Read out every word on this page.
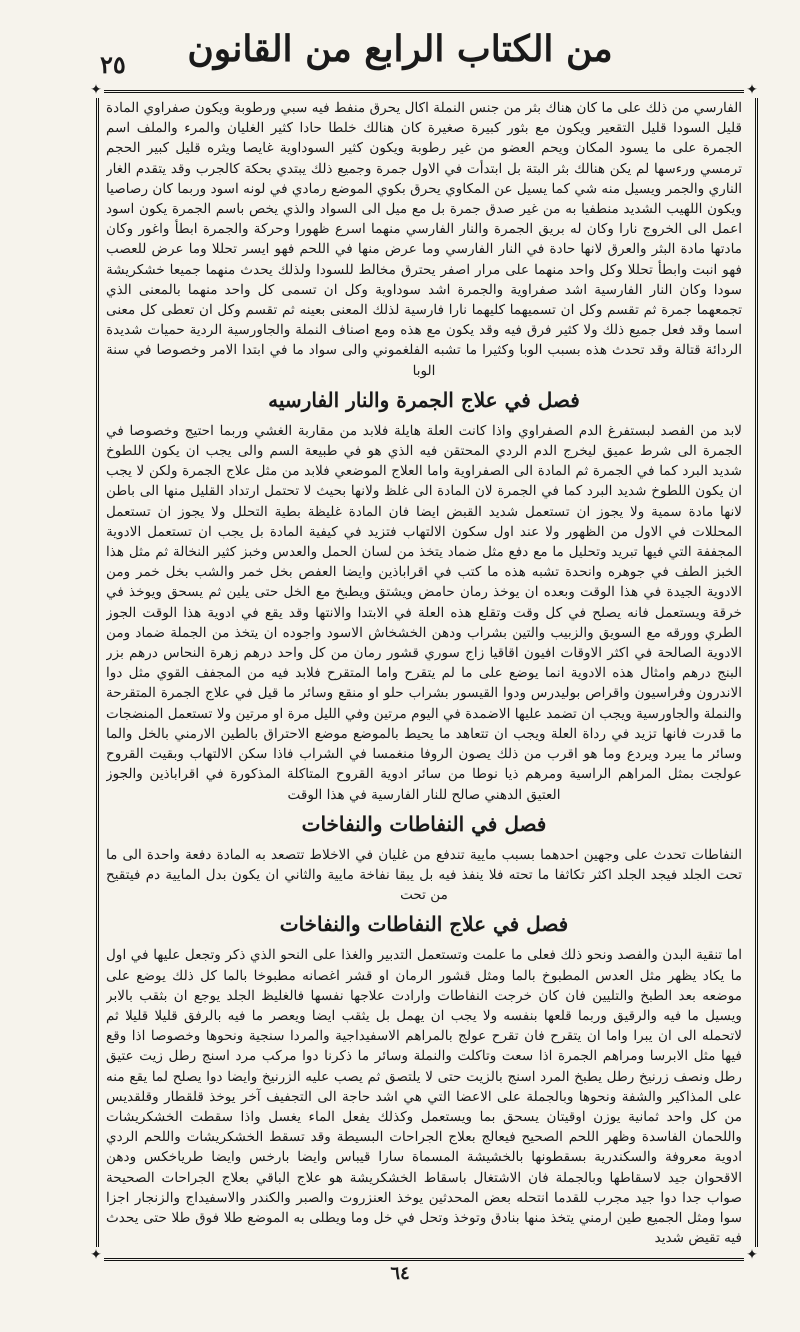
٢٥	من الكتاب الرابع من القانون
✦	✦
✦	✦

الفارسي من ذلك على ما كان هناك بثر من جنس النملة اكال يحرق منفط فيه سبي ورطوبة ويكون صفراوي المادة قليل السودا قليل التقعير ويكون مع بثور كبيرة صغيرة كان هنالك خلطا حادا كثير الغليان والمرء والملف اسم الجمرة على ما يسود المكان ويحم العضو من غير رطوبة ويكون كثير السوداوية غايصا ويثره قليل كبير الحجم ترمسي ورءسها لم يكن هنالك بثر البتة بل ابتدأت في الاول جمرة وجميع ذلك يبتدي بحكة كالجرب وقد يتقدم الغار الناري والجمر ويسيل منه شي كما يسيل عن المكاوي يحرق بكوي الموضع رمادي في لونه اسود وربما كان رصاصيا ويكون اللهيب الشديد منطفيا به من غير صدق جمرة بل مع ميل الى السواد والذي يخص باسم الجمرة يكون اسود اعمل الى الخروج نارا وكان له بريق الجمرة والنار الفارسي منهما اسرع ظهورا وحركة والجمرة ابطأ واغور وكان مادتها مادة البثر والعرق لانها حادة في النار الفارسي وما عرض منها في اللحم فهو ايسر تحللا وما عرض للعصب فهو انبت وابطأ تحللا وكل واحد منهما على مرار اصفر يحترق مخالط للسودا ولذلك يحدث منهما جميعا خشكريشة سودا وكان النار الفارسية اشد صفراوية والجمرة اشد سوداوية وكل ان تسمى كل واحد منهما بالمعنى الذي تجمعهما جمرة ثم تقسم وكل ان تسميهما كليهما نارا فارسية لذلك المعنى بعينه ثم تقسم وكل ان تعطى كل معنى اسما وقد فعل جميع ذلك ولا كثير فرق فيه وقد يكون مع هذه ومع اصناف النملة والجاورسية الردية حميات شديدة الردائة قتالة وقد تحدث هذه بسبب الوبا وكثيرا ما تشبه الفلغموني والى سواد ما في ابتدا الامر وخصوصا في سنة الوبا

فصل في علاج الجمرة والنار الفارسيه

لابد من الفصد لبستفرغ الدم الصفراوي واذا كانت العلة هايلة فلابد من مقاربة الغشي وربما احتيج وخصوصا في الجمرة الى شرط عميق ليخرج الدم الردي المحتقن فيه الذي هو في طبيعة السم والى يجب ان يكون اللطوخ شديد البرد كما في الجمرة ثم المادة الى الصفراوية واما العلاج الموضعي فلابد من مثل علاج الجمرة ولكن لا يجب ان يكون اللطوخ شديد البرد كما في الجمرة لان المادة الى غلظ ولانها بحيث لا تحتمل ارتداد القليل منها الى باطن لانها مادة سمية ولا يجوز ان تستعمل شديد القبض ايضا فان المادة غليظة بطية التحلل ولا يجوز ان تستعمل المحللات في الاول من الظهور ولا عند اول سكون الالتهاب فتزيد في كيفية المادة بل يجب ان تستعمل الادوية المجففة التي فيها تبريد وتحليل ما مع دفع مثل ضماد يتخذ من لسان الحمل والعدس وخبز كثير النخالة ثم مثل هذا الخبز الطف في جوهره وانحدة تشبه هذه ما كتب في اقراباذين وايضا العفص بخل خمر والشب بخل خمر ومن الادوية الجيدة في هذا الوقت وبعده ان يوخذ رمان حامض ويشتق ويطبخ مع الخل حتى يلين ثم يسحق ويوخذ في خرقة ويستعمل فانه يصلح في كل وقت وتقلع هذه العلة في الابتدا والانتها وقد يقع في ادوية هذا الوقت الجوز الطري وورقه مع السويق والزبيب والتين بشراب ودهن الخشخاش الاسود واجوده ان يتخذ من الجملة ضماد ومن الادوية الصالحة في اكثر الاوقات افيون اقاقيا زاج سوري قشور رمان من كل واحد درهم زهرة النحاس درهم بزر البنج درهم وامثال هذه الادوية انما يوضع على ما لم يتقرح واما المتقرح فلابد فيه من المجفف القوي مثل دوا الاندرون وفراسيون واقراص بوليدرس ودوا القيسور بشراب حلو او منقع وسائر ما قيل في علاج الجمرة المتقرحة والنملة والجاورسية ويجب ان تضمد عليها الاضمدة في اليوم مرتين وفي الليل مرة او مرتين ولا تستعمل المنضجات ما قدرت فانها تزيد في رداة العلة ويجب ان تتعاهد ما يحيط بالموضع موضع الاحتراق بالطين الارمني بالخل والما وسائر ما يبرد ويردع وما هو اقرب من ذلك يصون الروفا منغمسا في الشراب فاذا سكن الالتهاب وبقيت القروح عولجت بمثل المراهم الراسية ومرهم ذيا نوطا من سائر ادوية القروح المتاكلة المذكورة في اقراباذين والجوز العتيق الدهني صالح للنار الفارسية في هذا الوقت

فصل في النفاطات والنفاخات

النفاطات تحدث على وجهين احدهما بسبب مايية تندفع من غليان في الاخلاط تتصعد به المادة دفعة واحدة الى ما تحت الجلد فيجد الجلد اكثر تكاثفا ما تحته فلا ينفذ فيه بل يبقا نفاخة مايية والثاني ان يكون بدل المايية دم فيتقيح من تحت

فصل في علاج النفاطات والنفاخات

اما تنقية البدن والفصد ونحو ذلك فعلى ما علمت وتستعمل التدبير والغذا على النحو الذي ذكر وتجعل عليها في اول ما يكاد يظهر مثل العدس المطبوخ بالما ومثل قشور الرمان او قشر اغصانه مطبوخا بالما كل ذلك يوضع على موضعه بعد الطبخ والتليين فان كان خرجت النفاطات وارادت علاجها نفسها فالغليظ الجلد يوجع ان بثقب بالابر ويسيل ما فيه والرقيق وربما قلعها بنفسه ولا يجب ان يهمل بل يثقب ايضا ويعصر ما فيه بالرفق قليلا قليلا ثم لاتحمله الى ان يبرا واما ان يتقرح فان تقرح عولج بالمراهم الاسفيداجية والمردا سنجية ونحوها وخصوصا اذا وقع فيها مثل الابرسا ومراهم الجمرة اذا سعت وتاكلت والنملة وسائر ما ذكرنا دوا مركب مرد اسنج رطل زيت عتيق رطل ونصف زرنيخ رطل يطبخ المرد اسنج بالزيت حتى لا يلتصق ثم يصب عليه الزرنيخ وايضا دوا يصلح لما يقع منه على المذاكير والشفة ونحوها وبالجملة على الاعضا التي هي اشد حاجة الى التجفيف آخر يوخذ قلقطار وقلقديس من كل واحد ثمانية يوزن اوقيتان يسحق بما ويستعمل وكذلك يفعل الماء يغسل واذا سقطت الخشكريشات واللحمان الفاسدة وظهر اللحم الصحيح فيعالج بعلاج الجراحات البسيطة وقد تسقط الخشكريشات واللحم الردي ادوية معروفة والسكندرية بسقطونها بالخشيشة المسماة سارا قيباس وايضا بارخس وايضا طرياخكس ودهن الاقحوان جيد لاسقاطها وبالجملة فان الاشتغال باسقاط الخشكريشة هو علاج الباقي بعلاج الجراحات الصحيحة صواب جدا دوا جيد مجرب للقدما انتحله بعض المحدثين يوخذ العنزروت والصبر والكندر والاسفيداج والزنجار اجزا سوا ومثل الجميع طين ارمني يتخذ منها بنادق وتوخذ وتحل في خل وما ويطلى به الموضع طلا فوق طلا حتى يحدث فيه تقيض شديد

٦٤
